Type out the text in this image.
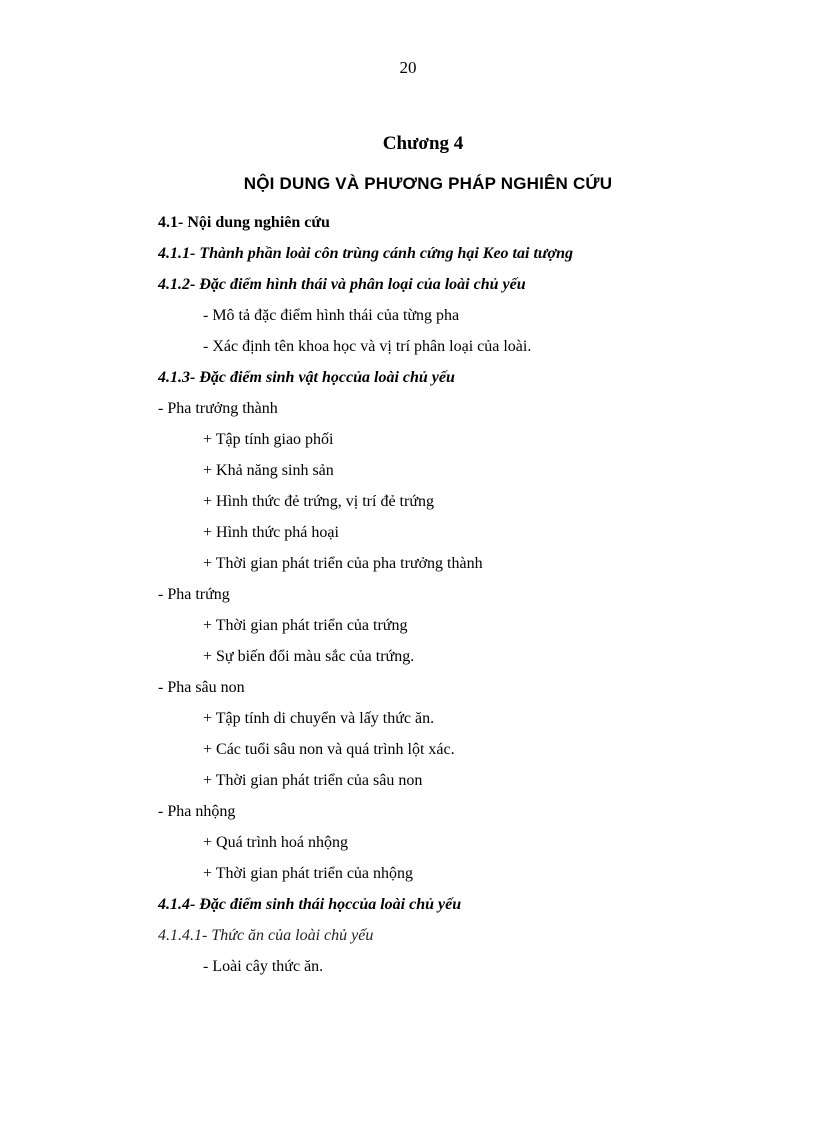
20
Chương 4
NỘI DUNG VÀ PHƯƠNG PHÁP NGHIÊN CỨU
4.1- Nội dung nghiên cứu
4.1.1- Thành phần loài côn trùng cánh cứng hại Keo tai tượng
4.1.2- Đặc điểm hình thái và phân loại của loài chủ yếu
- Mô tả đặc điểm hình thái của từng pha
- Xác định tên khoa học và vị trí phân loại của loài.
4.1.3- Đặc điểm sinh vật họccủa loài chủ yếu
- Pha trưởng thành
+ Tập tính giao phối
+ Khả năng sinh sản
+ Hình thức đẻ trứng, vị trí đẻ trứng
+ Hình thức phá hoại
+ Thời gian phát triển của pha trưởng thành
- Pha trứng
+ Thời gian phát triển của trứng
+ Sự biến đổi màu sắc của trứng.
- Pha sâu non
+ Tập tính di chuyển và lấy thức ăn.
+ Các tuổi sâu non và quá trình lột xác.
+ Thời gian phát triển của sâu non
- Pha nhộng
+ Quá trình hoá nhộng
+ Thời gian phát triển của nhộng
4.1.4- Đặc điểm sinh thái họccủa loài chủ yếu
4.1.4.1- Thức ăn của loài chủ yếu
- Loài cây thức ăn.
